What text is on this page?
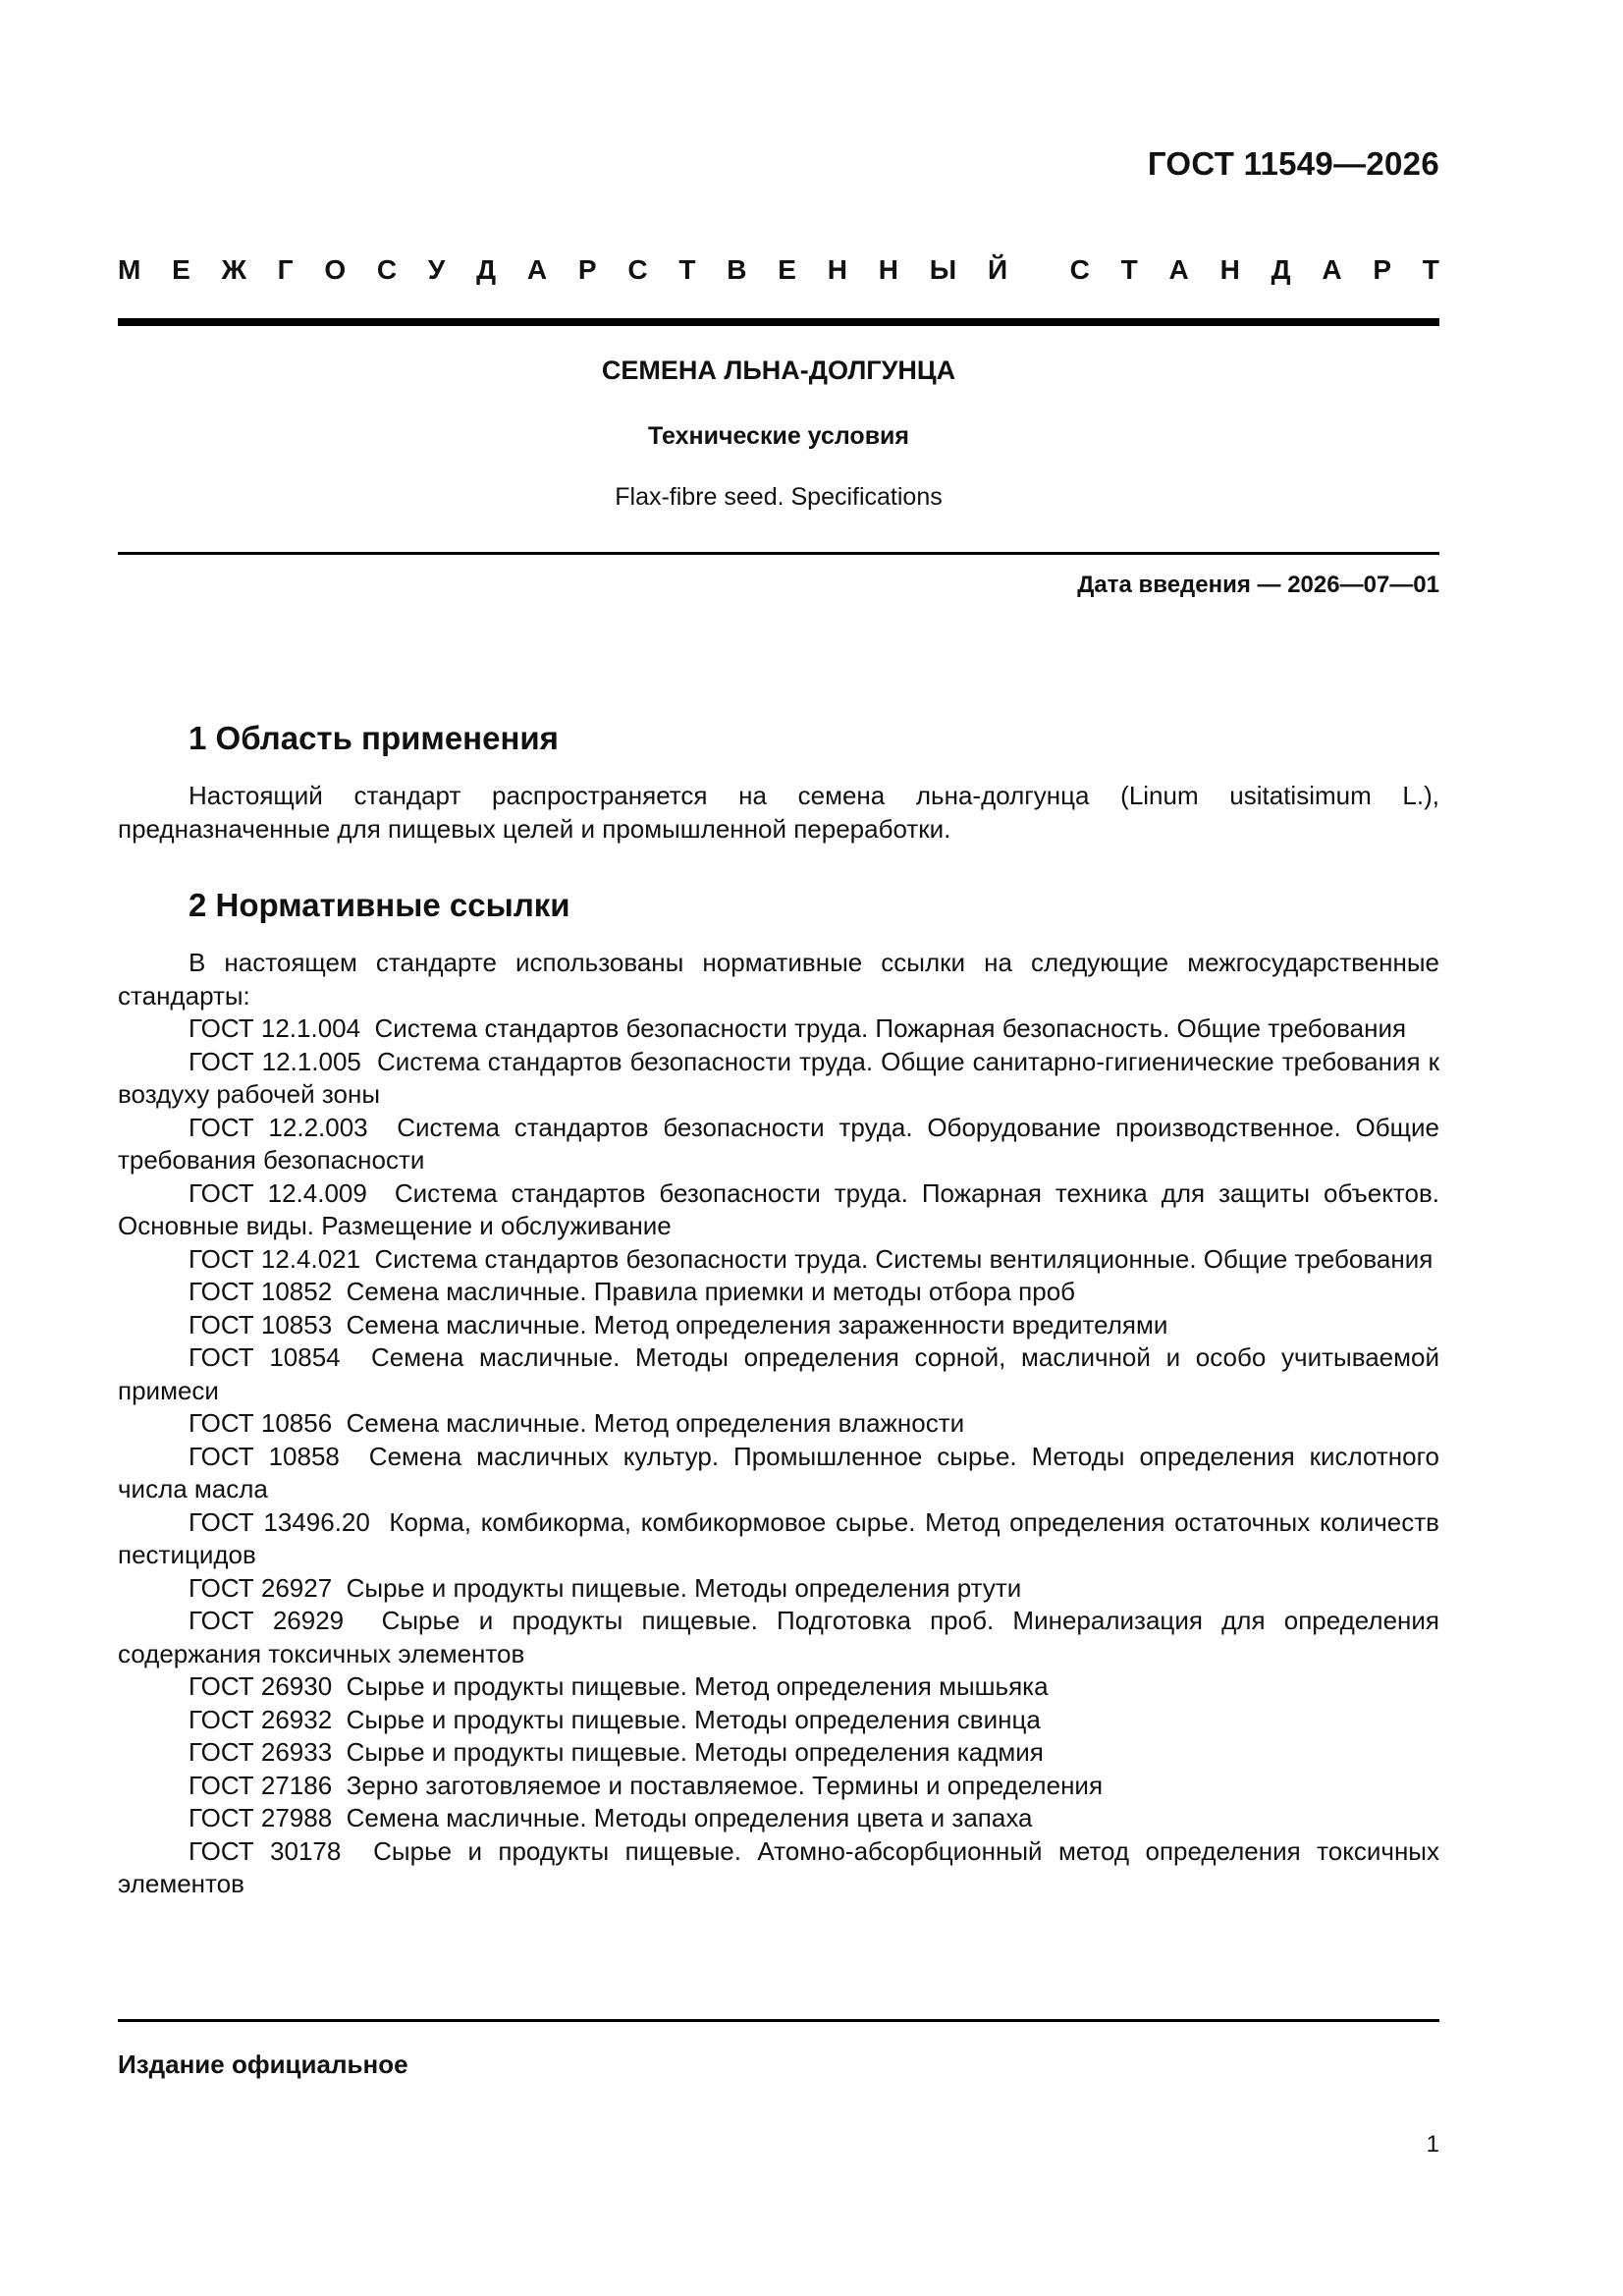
ГОСТ 11549—2026
М Е Ж Г О С У Д А Р С Т В Е Н Н Ы Й С Т А Н Д А Р Т
СЕМЕНА ЛЬНА-ДОЛГУНЦА
Технические условия
Flax-fibre seed. Specifications
Дата введения — 2026—07—01

1 Область применения

Настоящий стандарт распространяется на семена льна-долгунца (Linum usitatisimum L.), предназначенные для пищевых целей и промышленной переработки.

2 Нормативные ссылки

В настоящем стандарте использованы нормативные ссылки на следующие межгосударственные стандарты:

ГОСТ 12.1.004 Система стандартов безопасности труда. Пожарная безопасность. Общие требования

ГОСТ 12.1.005 Система стандартов безопасности труда. Общие санитарно-гигиенические требования к воздуху рабочей зоны

ГОСТ 12.2.003 Система стандартов безопасности труда. Оборудование производственное. Общие требования безопасности

ГОСТ 12.4.009 Система стандартов безопасности труда. Пожарная техника для защиты объектов. Основные виды. Размещение и обслуживание

ГОСТ 12.4.021 Система стандартов безопасности труда. Системы вентиляционные. Общие требования

ГОСТ 10852 Семена масличные. Правила приемки и методы отбора проб

ГОСТ 10853 Семена масличные. Метод определения зараженности вредителями

ГОСТ 10854 Семена масличные. Методы определения сорной, масличной и особо учитываемой примеси

ГОСТ 10856 Семена масличные. Метод определения влажности

ГОСТ 10858 Семена масличных культур. Промышленное сырье. Методы определения кислотного числа масла

ГОСТ 13496.20 Корма, комбикорма, комбикормовое сырье. Метод определения остаточных количеств пестицидов

ГОСТ 26927 Сырье и продукты пищевые. Методы определения ртути

ГОСТ 26929 Сырье и продукты пищевые. Подготовка проб. Минерализация для определения содержания токсичных элементов

ГОСТ 26930 Сырье и продукты пищевые. Метод определения мышьяка

ГОСТ 26932 Сырье и продукты пищевые. Методы определения свинца

ГОСТ 26933 Сырье и продукты пищевые. Методы определения кадмия

ГОСТ 27186 Зерно заготовляемое и поставляемое. Термины и определения

ГОСТ 27988 Семена масличные. Методы определения цвета и запаха

ГОСТ 30178 Сырье и продукты пищевые. Атомно-абсорбционный метод определения токсичных элементов

Издание официальное
1
